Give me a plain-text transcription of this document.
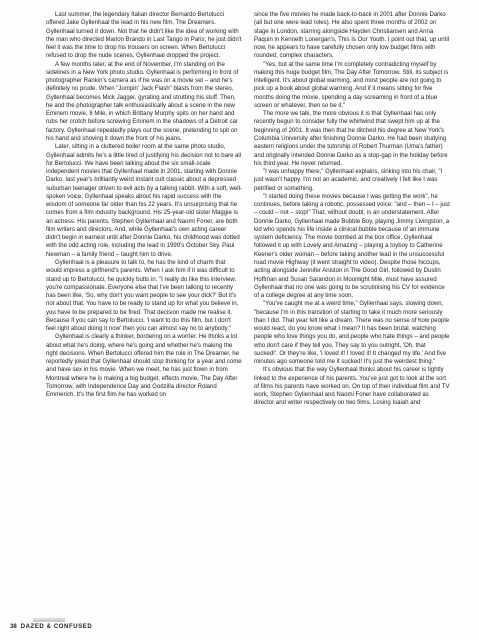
Last summer, the legendary Italian director Bernardo Bertolucci offered Jake Gyllenhaal the lead in his new film, The Dreamers. Gyllenhaal turned it down. Not that he didn't like the idea of working with the man who directed Marlon Brando in Last Tango in Paris; he just didn't feel it was the time to drop his trousers on screen. When Bertolucci refused to drop the nude scenes, Gyllenhaal dropped the project.

A few months later, at the end of November, I'm standing on the sidelines in a New York photo studio. Gyllenhaal is performing in front of photographer Rankin's camera as if he was on a movie set – and he's definitely no prude. When "Jumpin' Jack Flash" blasts from the stereo, Gyllenhaal becomes Mick Jagger, gyrating and strutting his stuff. Then, he and the photographer talk enthusiastically about a scene in the new Eminem movie, 8 Mile, in which Brittany Murphy spits on her hand and rubs her crotch before screwing Eminem in the shadows of a Detroit car factory. Gyllenhaal repeatedly plays out the scene, pretending to spit on his hand and shoving it down the front of his jeans.

Later, sitting in a cluttered boiler room at the same photo studio, Gyllenhaal admits he's a little tired of justifying his decision not to bare all for Bertolucci. We have been talking about the six small-scale independent movies that Gyllenhaal made in 2001, starting with Donnie Darko, last year's brilliantly weird instant cult classic about a depressed suburban teenager driven to evil acts by a talking rabbit. With a soft, well-spoken voice, Gyllenhaal speaks about his rapid success with the wisdom of someone far older than his 22 years. It's unsurprising that he comes from a film industry background. His 25-year-old sister Maggie is an actress. His parents, Stephen Gyllenhaal and Naomi Foner, are both film writers and directors. And, while Gyllenhaal's own acting career didn't begin in earnest until after Donnie Darko, his childhood was dotted with the odd acting role, including the lead in 1999's October Sky. Paul Newman – a family friend – taught him to drive.

Gyllenhaal is a pleasure to talk to, he has the kind of charm that would impress a girlfriend's parents. When I ask him if it was difficult to stand up to Bertolucci, he quickly butts in: "I really do like this interview, you're compassionate. Everyone else that I've been talking to recently has been like, 'So, why don't you want people to see your dick?' But it's not about that. You have to be ready to stand up for what you believe in, you have to be prepared to be fired. That decision made me realise it. Because if you can say to Bertolucci, 'I want to do this film, but I don't feel right about doing it now' then you can almost say no to anybody."

Gyllenhaal is clearly a thinker, bordering on a worrier. He thinks a lot about what he's doing, where he's going and whether he's making the right decisions. When Bertolucci offered him the role in The Dreamer, he reportedly joked that Gyllenhaal should stop thinking for a year and come and have sex in his movie. When we meet, he has just flown in from Montreal where he is making a big budget, effects movie, The Day After Tomorrow, with Independence Day and Godzilla director Roland Emmerich. It's the first film he has worked on

since the five movies he made back-to-back in 2001 after Donnie Darko (all but one were lead roles). He also spent three months of 2002 on stage in London, starring alongside Hayden Christiansen and Anna Paquin in Kenneth Lonergan's, This Is Our Youth. I point out that, up until now, he appears to have carefully chosen only low budget films with rounded, complex characters.

"Yes, but at the same time I'm completely contradicting myself by making this huge budget film, The Day After Tomorrow. Still, its subject is intelligent. It's about global warming, and most people are not going to pick up a book about global warming. And if it means sitting for five months doing the movie, spending a day screaming in front of a blue screen or whatever, then so be it."

The more we talk, the more obvious it is that Gyllenhaal has only recently begun to consider fully the whirlwind that swept him up at the beginning of 2001. It was then that he ditched his degree at New York's Columbia University after finishing Donnie Darko. He had been studying eastern religions under the tutorship of Robert Thurman (Uma's father) and originally intended Donnie Darko as a stop-gap in the holiday before his third year. He never returned.

"I was unhappy there," Gyllenhaal explains, sinking into his chair, "I just wasn't happy. I'm not an academic, and creatively I felt like I was petrified or something.

"I started doing these movies because I was getting the work", he continues, before taking a robotic, possessed voice: "and – then – I – just – could – not – stop!" That, without doubt, is an understatement. After Donnie Darko, Gyllenhaal made Bubble Boy, playing Jimmy Livingston, a kid who spends his life inside a clinical bubble because of an immune system deficiency. The movie bombed at the box office. Gyllenhaal followed it up with Lovely and Amazing – playing a toyboy to Catherine Keener's older woman – before taking another lead in the unsuccessful road movie Highway (it went straight to video). Despite those hiccups, acting alongside Jennifer Aniston in The Good Girl, followed by Dustin Hoffman and Susan Sarandon in Moonlight Mile, must have assured Gyllenhaal that no one was going to be scrutinising his CV for evidence of a college degree at any time soon.

"You've caught me at a weird time," Gyllenhaal says, slowing down, "because I'm in this transition of starting to take it much more seriously than I did. That year felt like a dream. There was no sense of how people would react, do you know what I mean? It has been brutal, watching people who love things you do, and people who hate things – and people who don't care if they tell you. They say to you outright, 'Oh, that sucked!'. Or they're like, 'I loved it! I loved it! It changed my life.' And five minutes ago someone told me it sucked! It's just the weirdest thing."

It's obvious that the way Gyllenhaal thinks about his career is tightly linked to the experience of his parents. You've just got to look at the sort of films his parents have worked on. On top of their individual film and TV work, Stephen Gyllenhaal and Naomi Foner have collaborated as director and writer respectively on two films, Losing Isaiah and

WWW.CONFUSED.CO.UK
38 DAZED & CONFUSED
